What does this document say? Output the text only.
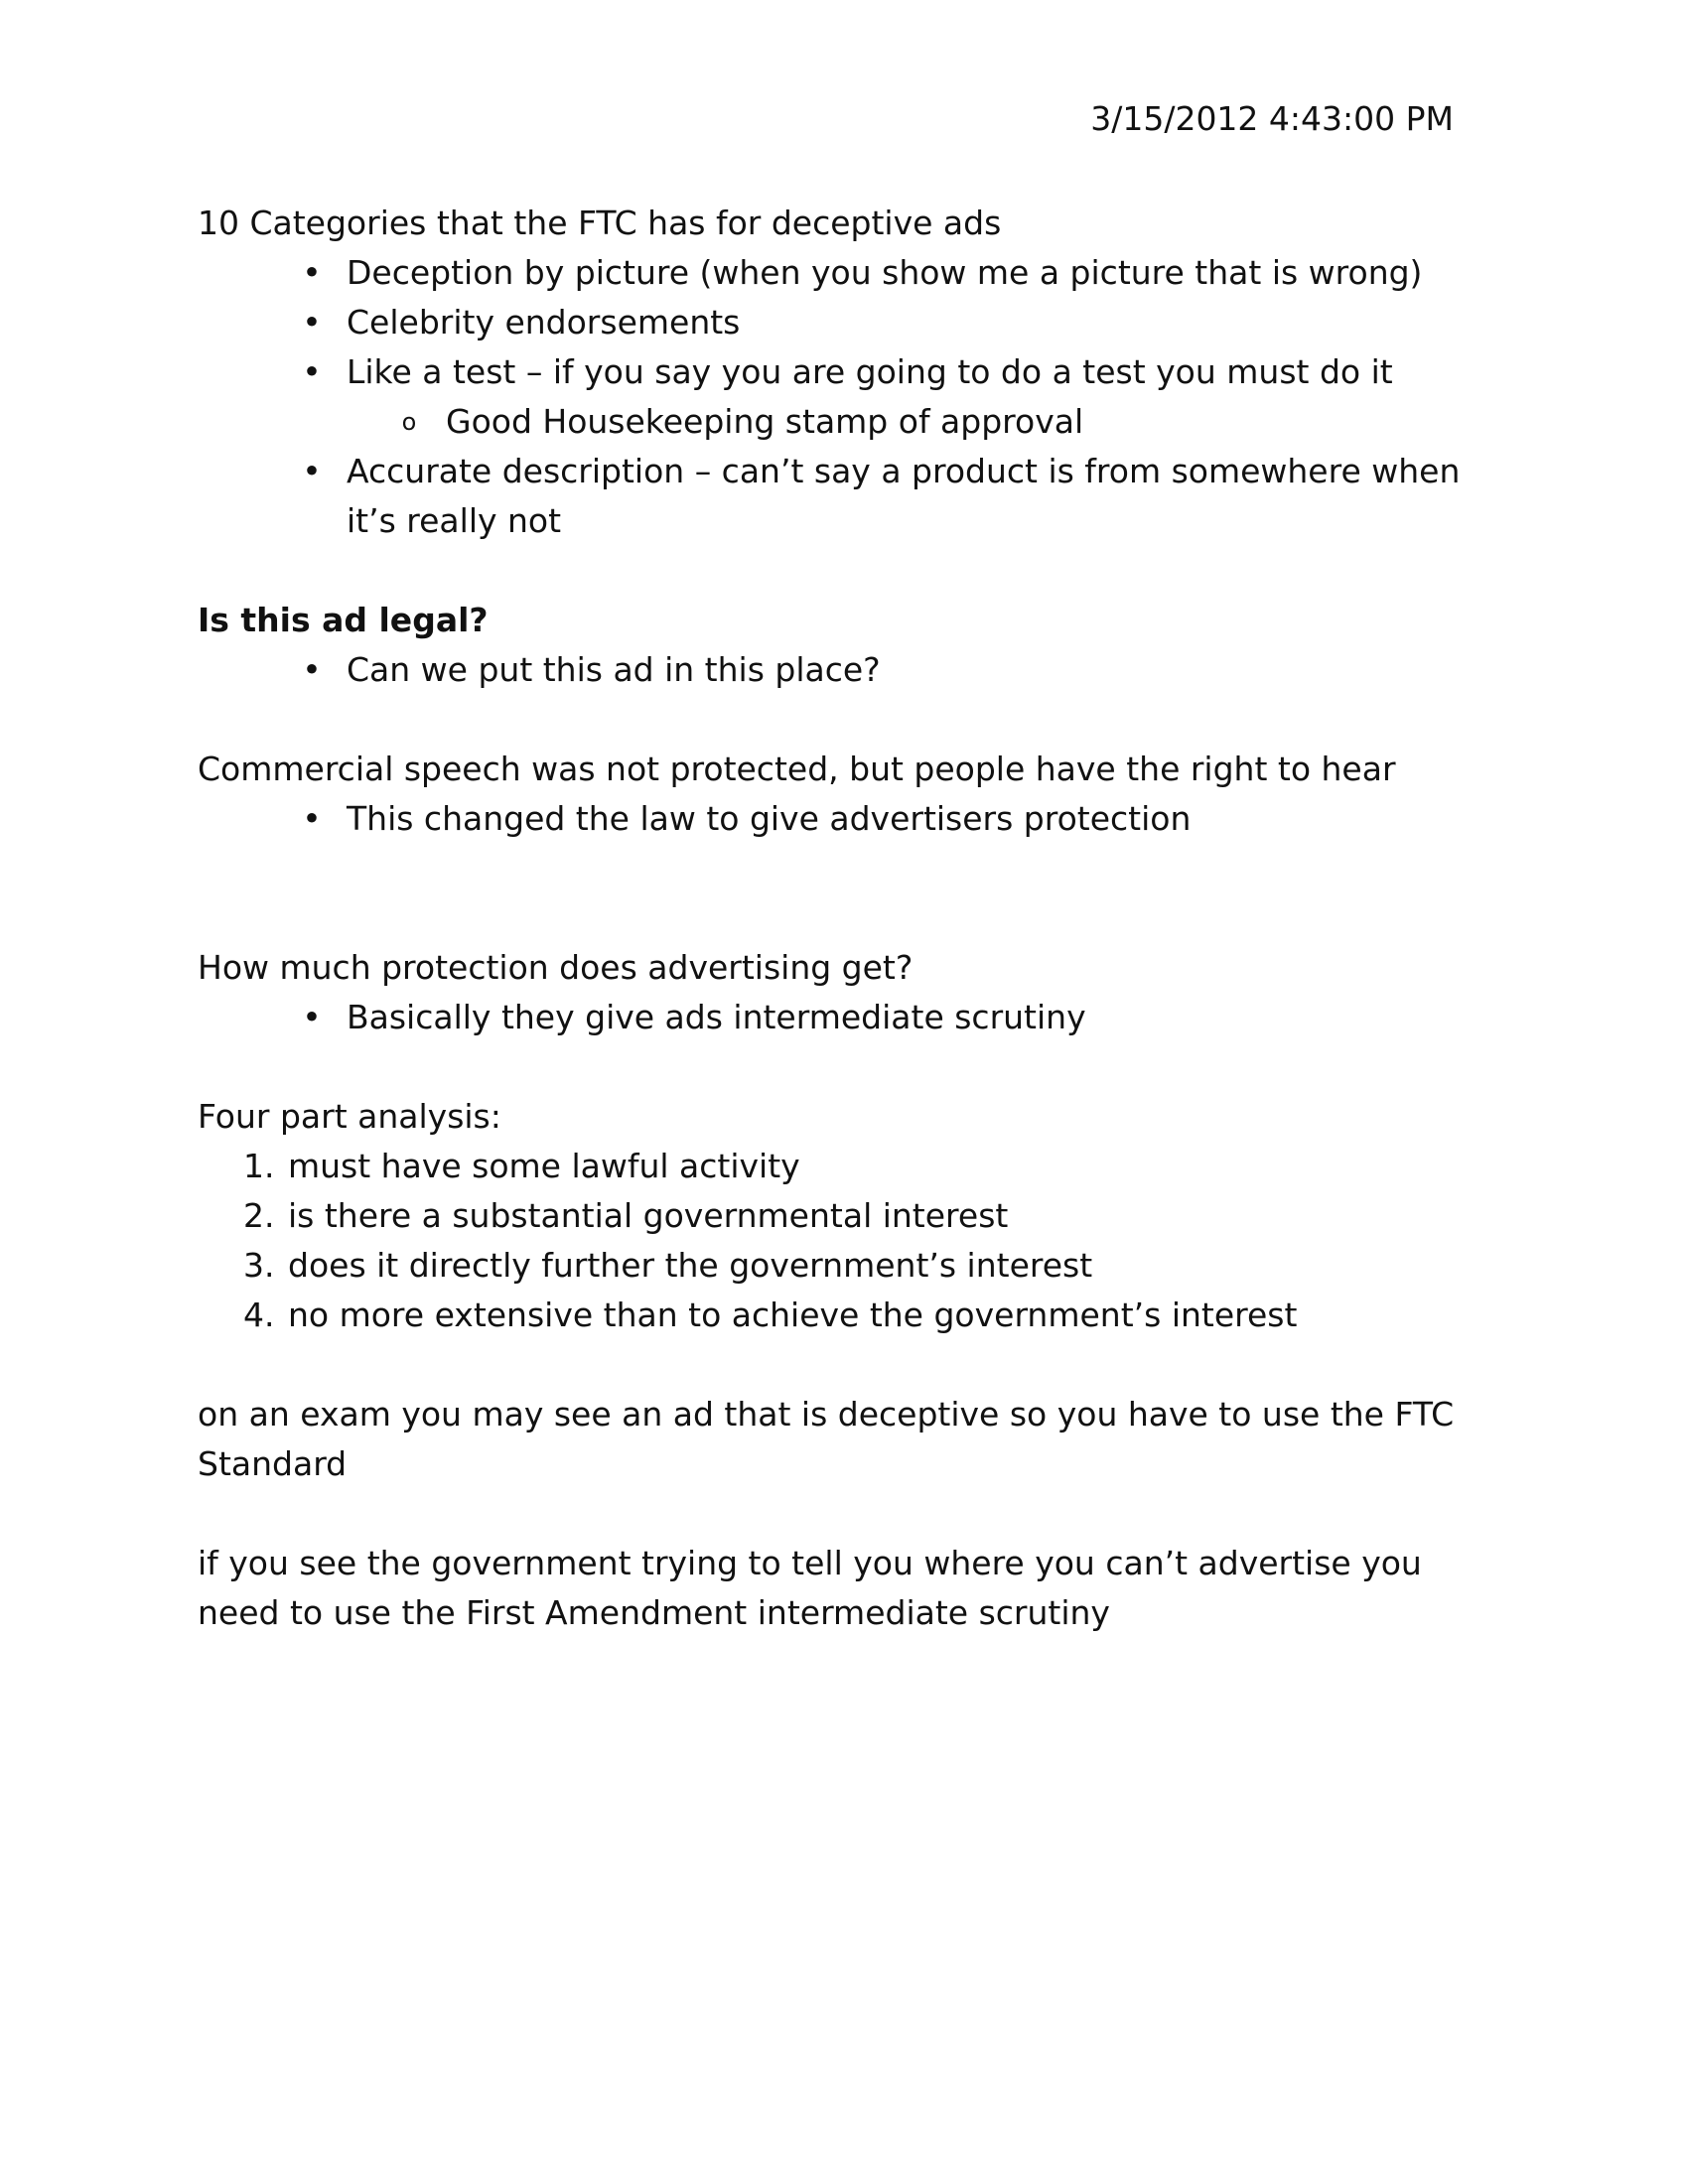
3/15/2012 4:43:00 PM

10 Categories that the FTC has for deceptive ads

• Deception by picture (when you show me a picture that is wrong)
• Celebrity endorsements
• Like a test – if you say you are going to do a test you must do it
o Good Housekeeping stamp of approval
• Accurate description – can’t say a product is from somewhere when it’s really not

Is this ad legal?

• Can we put this ad in this place?

Commercial speech was not protected, but people have the right to hear

• This changed the law to give advertisers protection

How much protection does advertising get?

• Basically they give ads intermediate scrutiny

Four part analysis:

1. must have some lawful activity
2. is there a substantial governmental interest
3. does it directly further the government’s interest
4. no more extensive than to achieve the government’s interest

on an exam you may see an ad that is deceptive so you have to use the FTC Standard

if you see the government trying to tell you where you can’t advertise you need to use the First Amendment intermediate scrutiny
